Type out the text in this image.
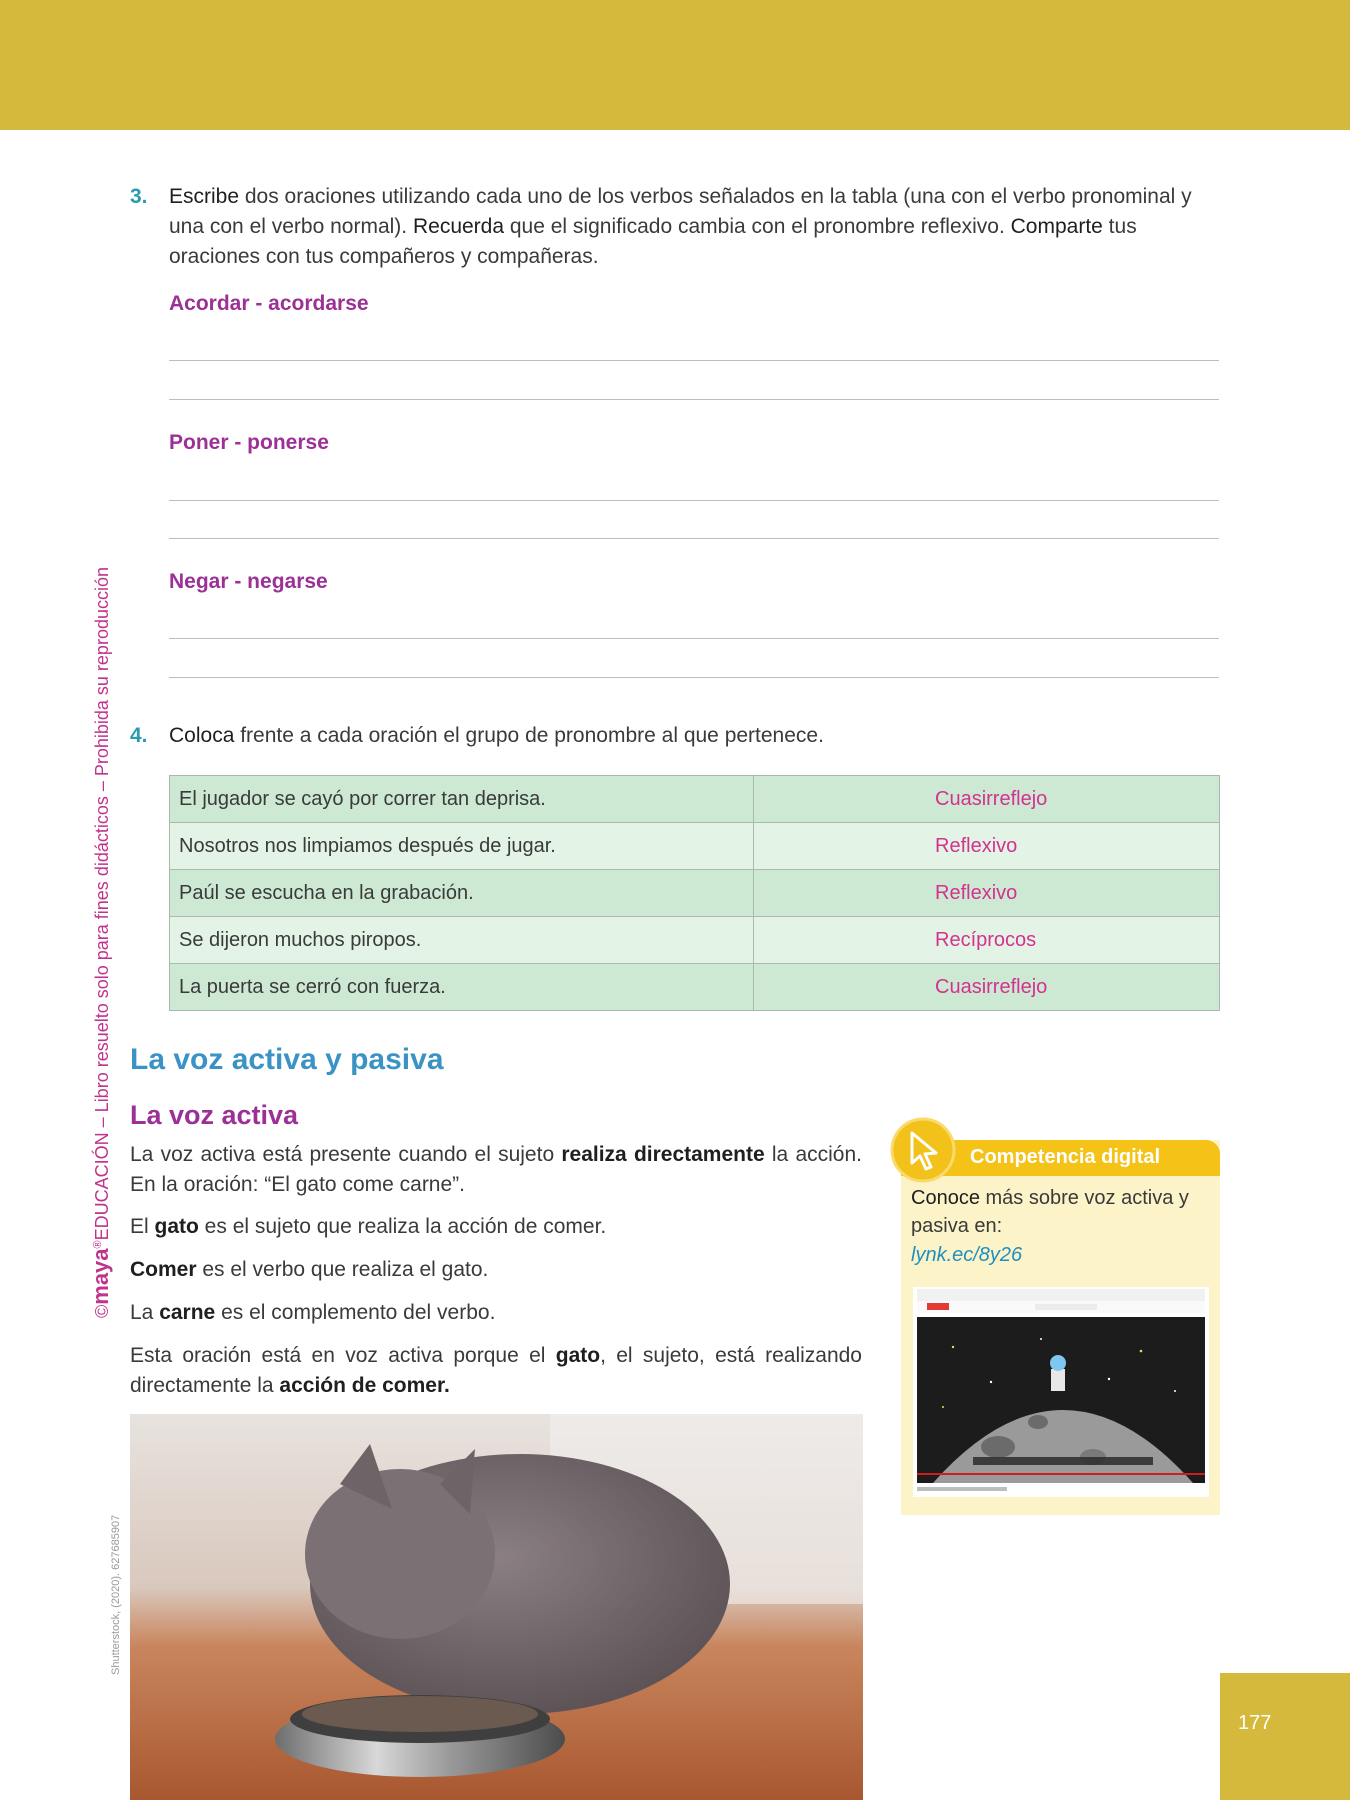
©maya®EDUCACIÓN – Libro resuelto solo para fines didácticos – Prohibida su reproducción
Shutterstock, (2020). 627685907
3. Escribe dos oraciones utilizando cada uno de los verbos señalados en la tabla (una con el verbo pronominal y una con el verbo normal). Recuerda que el significado cambia con el pronombre reflexivo. Comparte tus oraciones con tus compañeros y compañeras.
Acordar - acordarse
Poner - ponerse
Negar - negarse
4. Coloca frente a cada oración el grupo de pronombre al que pertenece.
El jugador se cayó por correr tan deprisa.	Cuasirreflejo
Nosotros nos limpiamos después de jugar.	Reflexivo
Paúl se escucha en la grabación.	Reflexivo
Se dijeron muchos piropos.	Recíprocos
La puerta se cerró con fuerza.	Cuasirreflejo
La voz activa y pasiva
La voz activa
La voz activa está presente cuando el sujeto realiza directamente la acción. En la oración: “El gato come carne”.
El gato es el sujeto que realiza la acción de comer.
Comer es el verbo que realiza el gato.
La carne es el complemento del verbo.
Esta oración está en voz activa porque el gato, el sujeto, está realizando directamente la acción de comer.
Competencia digital
Conoce más sobre voz activa y pasiva en:
lynk.ec/8y26
177
